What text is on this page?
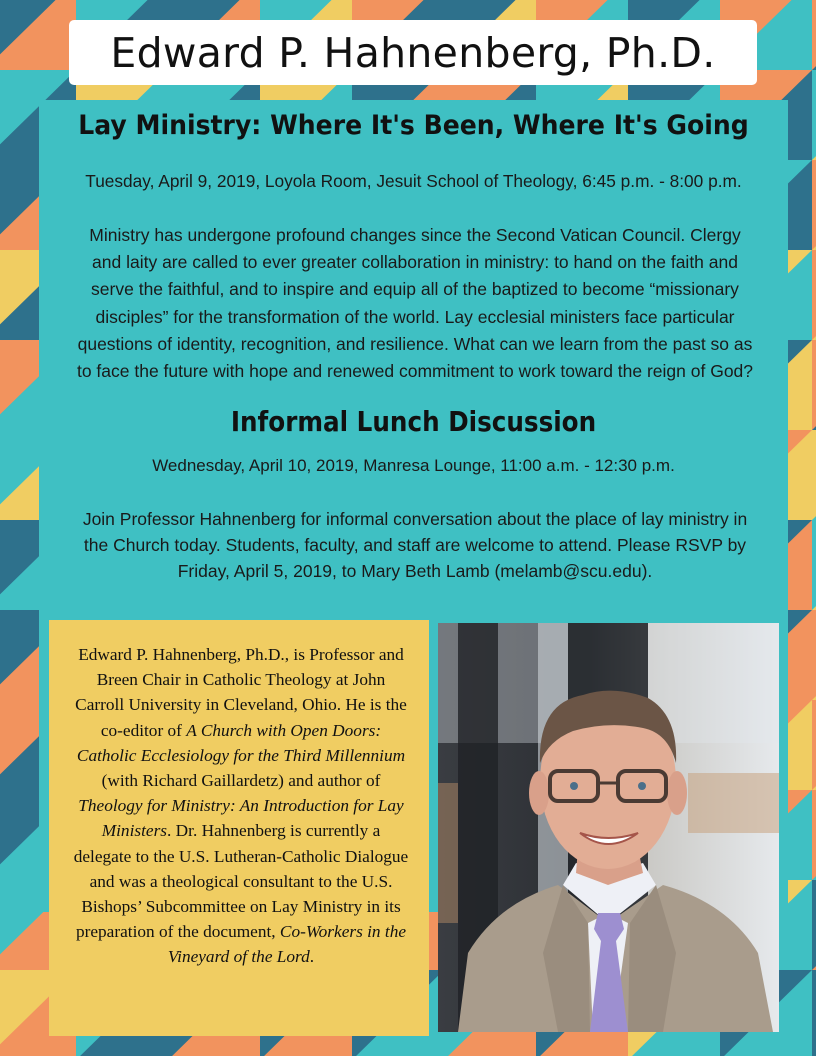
Edward P. Hahnenberg, Ph.D.
Lay Ministry: Where It's Been, Where It's Going
Tuesday, April 9, 2019, Loyola Room, Jesuit School of Theology, 6:45 p.m. - 8:00 p.m.
Ministry has undergone profound changes since the Second Vatican Council. Clergy
and laity are called to ever greater collaboration in ministry: to hand on the faith and
serve the faithful, and to inspire and equip all of the baptized to become “missionary
disciples” for the transformation of the world. Lay ecclesial ministers face particular
questions of identity, recognition, and resilience. What can we learn from the past so as
to face the future with hope and renewed commitment to work toward the reign of God?
Informal Lunch Discussion
Wednesday, April 10, 2019, Manresa Lounge, 11:00 a.m. - 12:30 p.m.
Join Professor Hahnenberg for informal conversation about the place of lay ministry in
the Church today. Students, faculty, and staff are welcome to attend. Please RSVP by
Friday, April 5, 2019, to Mary Beth Lamb (melamb@scu.edu).

Edward P. Hahnenberg, Ph.D., is Professor and Breen Chair in Catholic Theology at John Carroll University in Cleveland, Ohio. He is the co-editor of A Church with Open Doors: Catholic Ecclesiology for the Third Millennium (with Richard Gaillardetz) and author of Theology for Ministry: An Introduction for Lay Ministers. Dr. Hahnenberg is currently a delegate to the U.S. Lutheran-Catholic Dialogue and was a theological consultant to the U.S. Bishops’ Subcommittee on Lay Ministry in its preparation of the document, Co-Workers in the Vineyard of the Lord.
